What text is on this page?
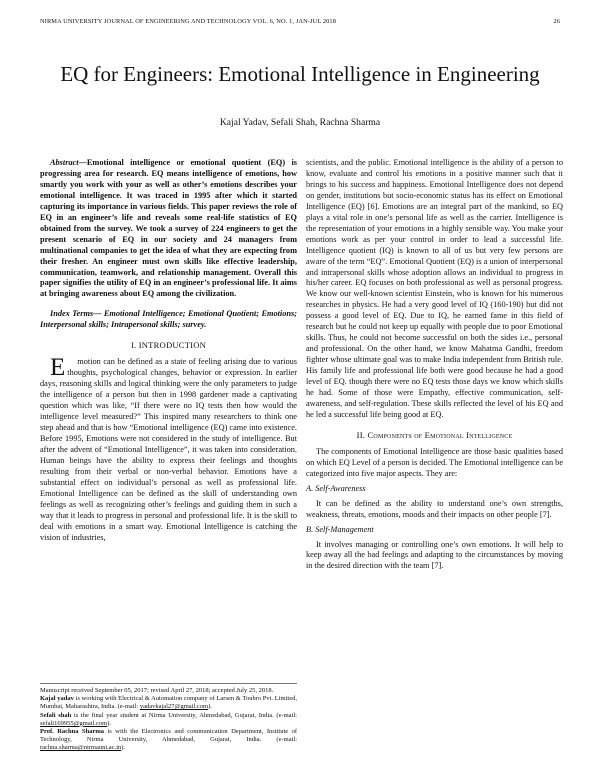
NIRMA UNIVERSITY JOURNAL OF ENGINEERING AND TECHNOLOGY VOL. 6, NO. 1, JAN-JUL 2018	26
EQ for Engineers: Emotional Intelligence in Engineering
Kajal Yadav, Sefali Shah, Rachna Sharma

Abstract—Emotional intelligence or emotional quotient (EQ) is progressing area for research. EQ means intelligence of emotions, how smartly you work with your as well as other’s emotions describes your emotional intelligence. It was traced in 1995 after which it started capturing its importance in various fields. This paper reviews the role of EQ in an engineer’s life and reveals some real-life statistics of EQ obtained from the survey. We took a survey of 224 engineers to get the present scenario of EQ in our society and 24 managers from multinational companies to get the idea of what they are expecting from their fresher. An engineer must own skills like effective leadership, communication, teamwork, and relationship management. Overall this paper signifies the utility of EQ in an engineer’s professional life. It aims at bringing awareness about EQ among the civilization.

Index Terms— Emotional Intelligence; Emotional Quotient; Emotions; Interpersonal skills; Intrapersonal skills; survey.

I. INTRODUCTION

Emotion can be defined as a state of feeling arising due to various thoughts, psychological changes, behavior or expression. In earlier days, reasoning skills and logical thinking were the only parameters to judge the intelligence of a person but then in 1998 gardener made a captivating question which was like, “If there were no IQ tests then how would the intelligence level measured?” This inspired many researchers to think one step ahead and that is how “Emotional intelligence (EQ) came into existence. Before 1995, Emotions were not considered in the study of intelligence. But after the advent of “Emotional Intelligence”, it was taken into consideration. Human beings have the ability to express their feelings and thoughts resulting from their verbal or non-verbal behavior. Emotions have a substantial effect on individual’s personal as well as professional life. Emotional Intelligence can be defined as the skill of understanding own feelings as well as recognizing other’s feelings and guiding them in such a way that it leads to progress in personal and professional life. It is the skill to deal with emotions in a smart way. Emotional Intelligence is catching the vision of industries,

Manuscript received September 05, 2017; revised April 27, 2018; accepted July 25, 2018.

Kajal yadav is working with Electrical & Automation company of Larsen & Toubro Pvt. Limited, Mumbai, Maharashtra, India. (e-mail: yadavkajal27@gmail.com).

Sefali shah is the final year student at Nirma University, Ahmedabad, Gujarat, India. (e-mail: sefali169955@gmail.com).

Prof. Rachna Sharma is with the Electronics and communication Department, Institute of Technology, Nirma University, Ahmedabad, Gujarat, India. (e-mail: rachna.sharma@nirmauni.ac.in).

scientists, and the public. Emotional intelligence is the ability of a person to know, evaluate and control his emotions in a positive manner such that it brings to his success and happiness. Emotional Intelligence does not depend on gender, institutions but socio-economic status has its effect on Emotional Intelligence (EQ) [6]. Emotions are an integral part of the mankind, so EQ plays a vital role in one’s personal life as well as the carrier. Intelligence is the representation of your emotions in a highly sensible way. You make your emotions work as per your control in order to lead a successful life. Intelligence quotient (IQ) is known to all of us but very few persons are aware of the term “EQ”. Emotional Quotient (EQ) is a union of interpersonal and intrapersonal skills whose adoption allows an individual to progress in his/her career. EQ focuses on both professional as well as personal progress. We know our well-known scientist Einstein, who is known for his numerous researches in physics. He had a very good level of IQ (160-190) but did not possess a good level of EQ. Due to IQ, he earned fame in this field of research but he could not keep up equally with people due to poor Emotional skills. Thus, he could not become successful on both the sides i.e., personal and professional. On the other hand, we know Mahatma Gandhi, freedom fighter whose ultimate goal was to make India independent from British rule. His family life and professional life both were good because he had a good level of EQ. though there were no EQ tests those days we know which skills he had. Some of those were Empathy, effective communication, self-awareness, and self-regulation. These skills reflected the level of his EQ and he led a successful life being good at EQ.

II. Components of Emotional Intelligence

The components of Emotional Intelligence are those basic qualities based on which EQ Level of a person is decided. The Emotional intelligence can be categorized into five major aspects. They are:

A. Self-Awareness

It can be defined as the ability to understand one’s own strengths, weakness, threats, emotions, moods and their impacts on other people [7].

B. Self-Management

It involves managing or controlling one’s own emotions. It will help to keep away all the bad feelings and adapting to the circumstances by moving in the desired direction with the team [7].
